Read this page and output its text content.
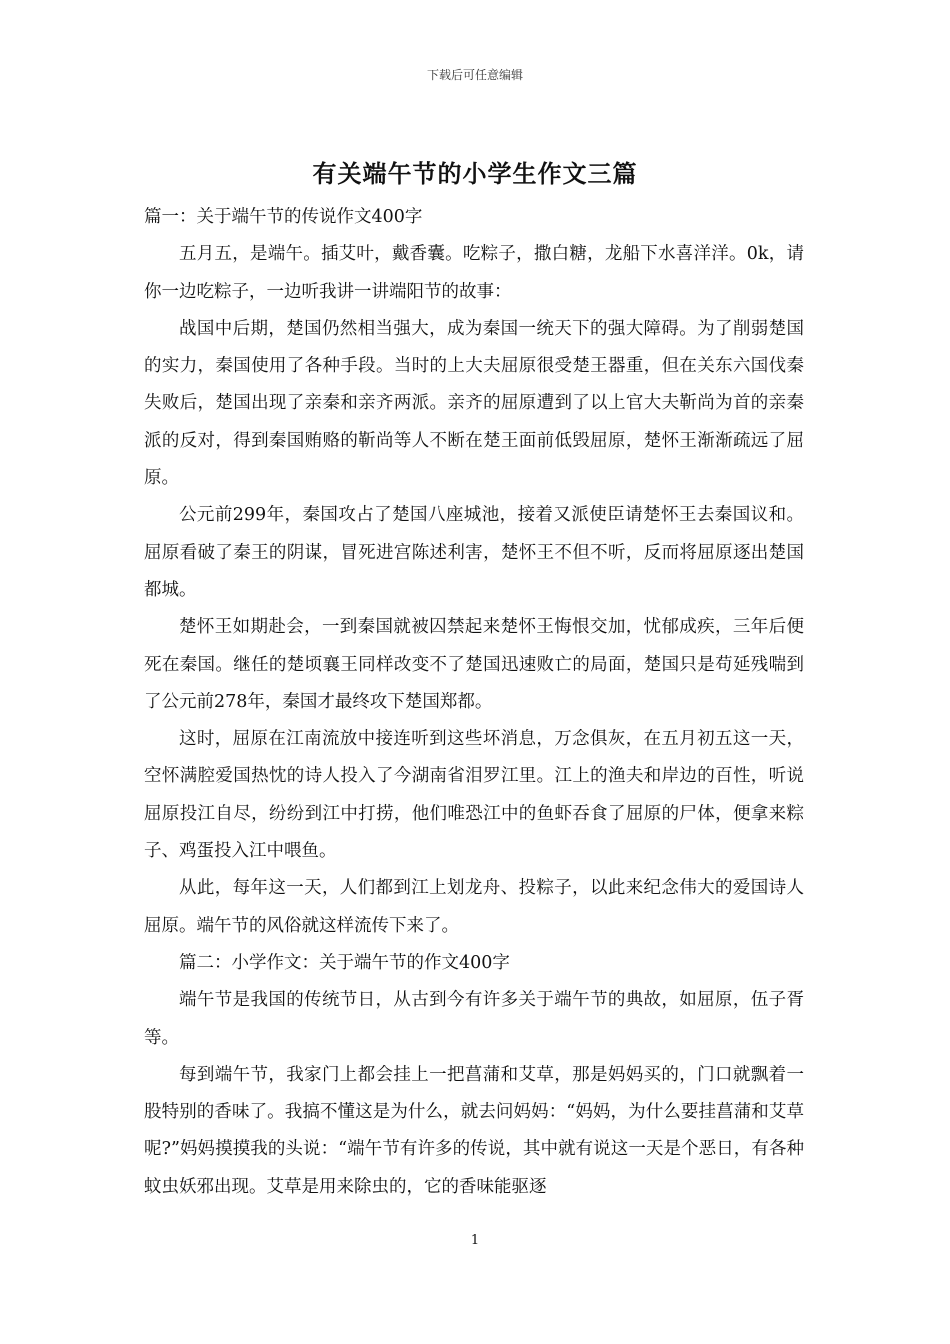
下载后可任意编辑
有关端午节的小学生作文三篇

篇一：关于端午节的传说作文400字

五月五，是端午。插艾叶，戴香囊。吃粽子，撒白糖，龙船下水喜洋洋。0k，请你一边吃粽子，一边听我讲一讲端阳节的故事：

战国中后期，楚国仍然相当强大，成为秦国一统天下的强大障碍。为了削弱楚国的实力，秦国使用了各种手段。当时的上大夫屈原很受楚王器重，但在关东六国伐秦失败后，楚国出现了亲秦和亲齐两派。亲齐的屈原遭到了以上官大夫靳尚为首的亲秦派的反对，得到秦国贿赂的靳尚等人不断在楚王面前低毁屈原，楚怀王渐渐疏远了屈原。

公元前299年，秦国攻占了楚国八座城池，接着又派使臣请楚怀王去秦国议和。屈原看破了秦王的阴谋，冒死进宫陈述利害，楚怀王不但不听，反而将屈原逐出楚国都城。

楚怀王如期赴会，一到秦国就被囚禁起来楚怀王悔恨交加，忧郁成疾，三年后便死在秦国。继任的楚顷襄王同样改变不了楚国迅速败亡的局面，楚国只是苟延残喘到了公元前278年，秦国才最终攻下楚国郑都。

这时，屈原在江南流放中接连听到这些坏消息，万念俱灰，在五月初五这一天，空怀满腔爱国热忱的诗人投入了今湖南省泪罗江里。江上的渔夫和岸边的百性，听说屈原投江自尽，纷纷到江中打捞，他们唯恐江中的鱼虾吞食了屈原的尸体，便拿来粽子、鸡蛋投入江中喂鱼。

从此，每年这一天，人们都到江上划龙舟、投粽子，以此来纪念伟大的爱国诗人屈原。端午节的风俗就这样流传下来了。

篇二：小学作文：关于端午节的作文400字

端午节是我国的传统节日，从古到今有许多关于端午节的典故，如屈原，伍子胥等。

每到端午节，我家门上都会挂上一把菖蒲和艾草，那是妈妈买的，门口就飘着一股特别的香味了。我搞不懂这是为什么，就去问妈妈：“妈妈，为什么要挂菖蒲和艾草呢?”妈妈摸摸我的头说：“端午节有许多的传说，其中就有说这一天是个恶日，有各种蚊虫妖邪出现。艾草是用来除虫的，它的香味能驱逐

1
